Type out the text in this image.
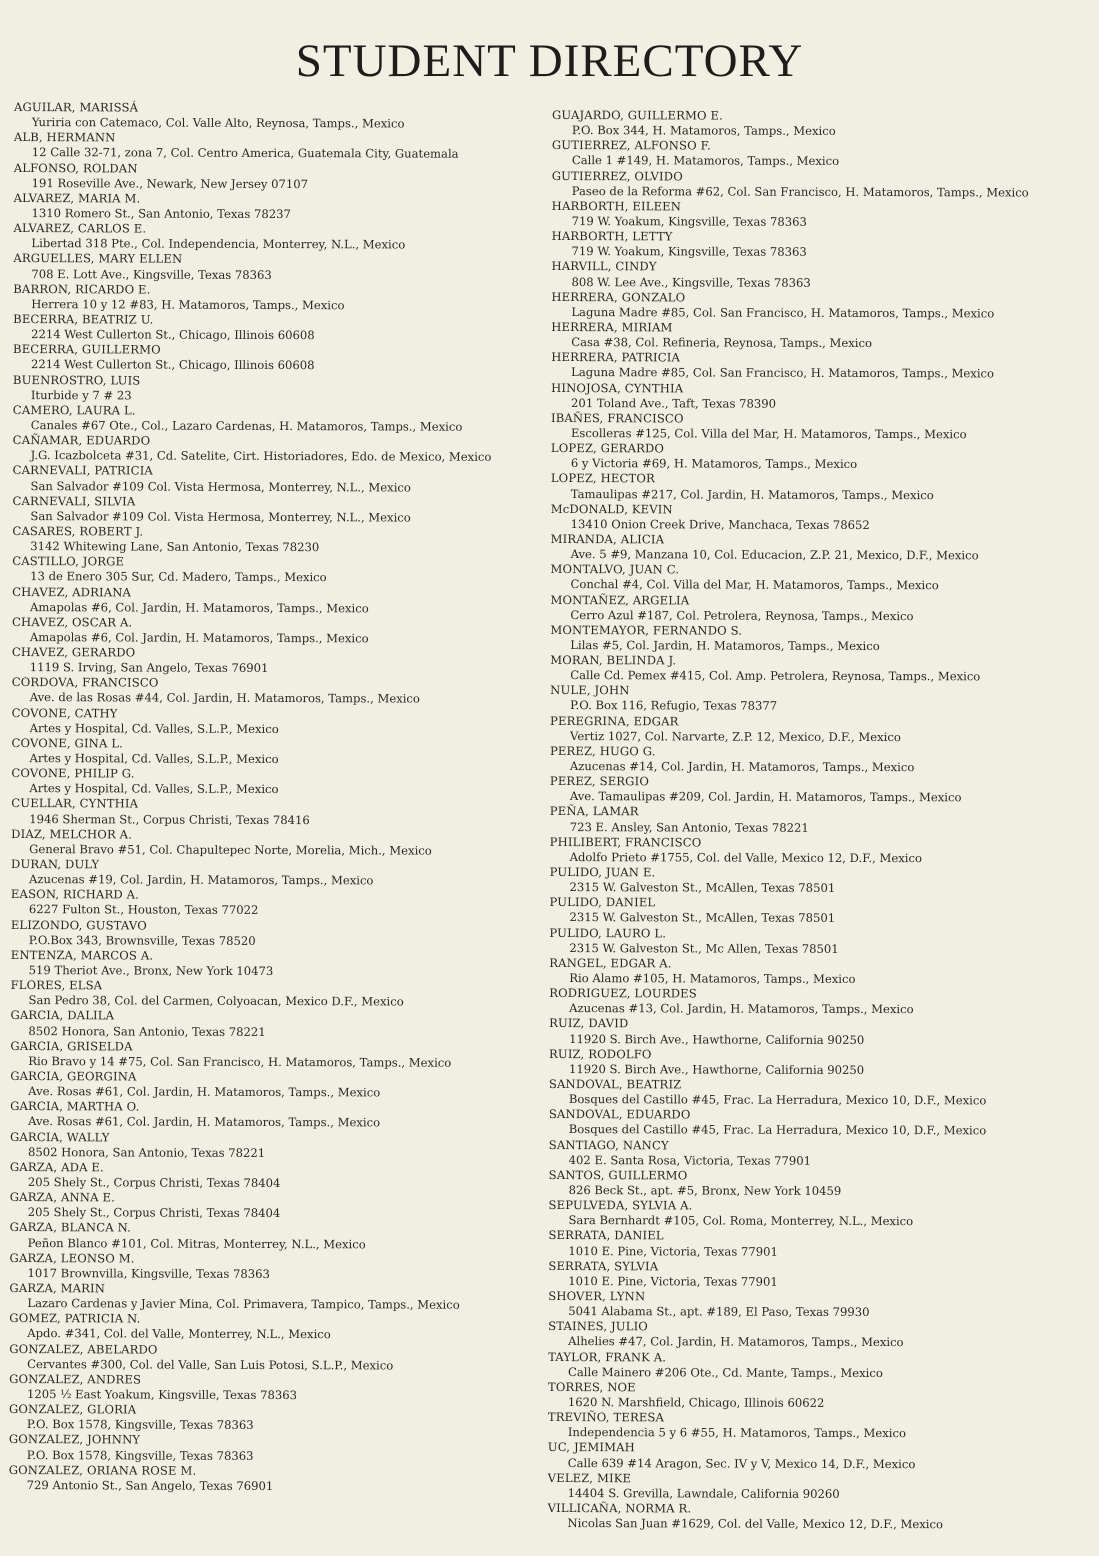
STUDENT DIRECTORY
AGUILAR, MARISSÁ
Yuriria con Catemaco, Col. Valle Alto, Reynosa, Tamps., Mexico
ALB, HERMANN
12 Calle 32-71, zona 7, Col. Centro America, Guatemala City, Guatemala
ALFONSO, ROLDAN
191 Roseville Ave., Newark, New Jersey 07107
ALVAREZ, MARIA M.
1310 Romero St., San Antonio, Texas 78237
ALVAREZ, CARLOS E.
Libertad 318 Pte., Col. Independencia, Monterrey, N.L., Mexico
ARGUELLES, MARY ELLEN
708 E. Lott Ave., Kingsville, Texas 78363
BARRON, RICARDO E.
Herrera 10 y 12 #83, H. Matamoros, Tamps., Mexico
BECERRA, BEATRIZ U.
2214 West Cullerton St., Chicago, Illinois 60608
BECERRA, GUILLERMO
2214 West Cullerton St., Chicago, Illinois 60608
BUENROSTRO, LUIS
Iturbide y 7 # 23
CAMERO, LAURA L.
Canales #67 Ote., Col., Lazaro Cardenas, H. Matamoros, Tamps., Mexico
CAÑAMAR, EDUARDO
J.G. Icazbolceta #31, Cd. Satelite, Cirt. Historiadores, Edo. de Mexico, Mexico
CARNEVALI, PATRICIA
San Salvador #109 Col. Vista Hermosa, Monterrey, N.L., Mexico
CARNEVALI, SILVIA
San Salvador #109 Col. Vista Hermosa, Monterrey, N.L., Mexico
CASARES, ROBERT J.
3142 Whitewing Lane, San Antonio, Texas 78230
CASTILLO, JORGE
13 de Enero 305 Sur, Cd. Madero, Tamps., Mexico
CHAVEZ, ADRIANA
Amapolas #6, Col. Jardin, H. Matamoros, Tamps., Mexico
CHAVEZ, OSCAR A.
Amapolas #6, Col. Jardin, H. Matamoros, Tamps., Mexico
CHAVEZ, GERARDO
1119 S. Irving, San Angelo, Texas 76901
CORDOVA, FRANCISCO
Ave. de las Rosas #44, Col. Jardin, H. Matamoros, Tamps., Mexico
COVONE, CATHY
Artes y Hospital, Cd. Valles, S.L.P., Mexico
COVONE, GINA L.
Artes y Hospital, Cd. Valles, S.L.P., Mexico
COVONE, PHILIP G.
Artes y Hospital, Cd. Valles, S.L.P., Mexico
CUELLAR, CYNTHIA
1946 Sherman St., Corpus Christi, Texas 78416
DIAZ, MELCHOR A.
General Bravo #51, Col. Chapultepec Norte, Morelia, Mich., Mexico
DURAN, DULY
Azucenas #19, Col. Jardin, H. Matamoros, Tamps., Mexico
EASON, RICHARD A.
6227 Fulton St., Houston, Texas 77022
ELIZONDO, GUSTAVO
P.O.Box 343, Brownsville, Texas 78520
ENTENZA, MARCOS A.
519 Theriot Ave., Bronx, New York 10473
FLORES, ELSA
San Pedro 38, Col. del Carmen, Colyoacan, Mexico D.F., Mexico
GARCIA, DALILA
8502 Honora, San Antonio, Texas 78221
GARCIA, GRISELDA
Rio Bravo y 14 #75, Col. San Francisco, H. Matamoros, Tamps., Mexico
GARCIA, GEORGINA
Ave. Rosas #61, Col. Jardin, H. Matamoros, Tamps., Mexico
GARCIA, MARTHA O.
Ave. Rosas #61, Col. Jardin, H. Matamoros, Tamps., Mexico
GARCIA, WALLY
8502 Honora, San Antonio, Texas 78221
GARZA, ADA E.
205 Shely St., Corpus Christi, Texas 78404
GARZA, ANNA E.
205 Shely St., Corpus Christi, Texas 78404
GARZA, BLANCA N.
Peñon Blanco #101, Col. Mitras, Monterrey, N.L., Mexico
GARZA, LEONSO M.
1017 Brownvilla, Kingsville, Texas 78363
GARZA, MARIN
Lazaro Cardenas y Javier Mina, Col. Primavera, Tampico, Tamps., Mexico
GOMEZ, PATRICIA N.
Apdo. #341, Col. del Valle, Monterrey, N.L., Mexico
GONZALEZ, ABELARDO
Cervantes #300, Col. del Valle, San Luis Potosi, S.L.P., Mexico
GONZALEZ, ANDRES
1205 ½ East Yoakum, Kingsville, Texas 78363
GONZALEZ, GLORIA
P.O. Box 1578, Kingsville, Texas 78363
GONZALEZ, JOHNNY
P.O. Box 1578, Kingsville, Texas 78363
GONZALEZ, ORIANA ROSE M.
729 Antonio St., San Angelo, Texas 76901
GUAJARDO, GUILLERMO E.
P.O. Box 344, H. Matamoros, Tamps., Mexico
GUTIERREZ, ALFONSO F.
Calle 1 #149, H. Matamoros, Tamps., Mexico
GUTIERREZ, OLVIDO
Paseo de la Reforma #62, Col. San Francisco, H. Matamoros, Tamps., Mexico
HARBORTH, EILEEN
719 W. Yoakum, Kingsville, Texas 78363
HARBORTH, LETTY
719 W. Yoakum, Kingsville, Texas 78363
HARVILL, CINDY
808 W. Lee Ave., Kingsville, Texas 78363
HERRERA, GONZALO
Laguna Madre #85, Col. San Francisco, H. Matamoros, Tamps., Mexico
HERRERA, MIRIAM
Casa #38, Col. Refineria, Reynosa, Tamps., Mexico
HERRERA, PATRICIA
Laguna Madre #85, Col. San Francisco, H. Matamoros, Tamps., Mexico
HINOJOSA, CYNTHIA
201 Toland Ave., Taft, Texas 78390
IBAÑES, FRANCISCO
Escolleras #125, Col. Villa del Mar, H. Matamoros, Tamps., Mexico
LOPEZ, GERARDO
6 y Victoria #69, H. Matamoros, Tamps., Mexico
LOPEZ, HECTOR
Tamaulipas #217, Col. Jardin, H. Matamoros, Tamps., Mexico
McDONALD, KEVIN
13410 Onion Creek Drive, Manchaca, Texas 78652
MIRANDA, ALICIA
Ave. 5 #9, Manzana 10, Col. Educacion, Z.P. 21, Mexico, D.F., Mexico
MONTALVO, JUAN C.
Conchal #4, Col. Villa del Mar, H. Matamoros, Tamps., Mexico
MONTAÑEZ, ARGELIA
Cerro Azul #187, Col. Petrolera, Reynosa, Tamps., Mexico
MONTEMAYOR, FERNANDO S.
Lilas #5, Col. Jardin, H. Matamoros, Tamps., Mexico
MORAN, BELINDA J.
Calle Cd. Pemex #415, Col. Amp. Petrolera, Reynosa, Tamps., Mexico
NULE, JOHN
P.O. Box 116, Refugio, Texas 78377
PEREGRINA, EDGAR
Vertiz 1027, Col. Narvarte, Z.P. 12, Mexico, D.F., Mexico
PEREZ, HUGO G.
Azucenas #14, Col. Jardin, H. Matamoros, Tamps., Mexico
PEREZ, SERGIO
Ave. Tamaulipas #209, Col. Jardin, H. Matamoros, Tamps., Mexico
PEÑA, LAMAR
723 E. Ansley, San Antonio, Texas 78221
PHILIBERT, FRANCISCO
Adolfo Prieto #1755, Col. del Valle, Mexico 12, D.F., Mexico
PULIDO, JUAN E.
2315 W. Galveston St., McAllen, Texas 78501
PULIDO, DANIEL
2315 W. Galveston St., McAllen, Texas 78501
PULIDO, LAURO L.
2315 W. Galveston St., Mc Allen, Texas 78501
RANGEL, EDGAR A.
Rio Alamo #105, H. Matamoros, Tamps., Mexico
RODRIGUEZ, LOURDES
Azucenas #13, Col. Jardin, H. Matamoros, Tamps., Mexico
RUIZ, DAVID
11920 S. Birch Ave., Hawthorne, California 90250
RUIZ, RODOLFO
11920 S. Birch Ave., Hawthorne, California 90250
SANDOVAL, BEATRIZ
Bosques del Castillo #45, Frac. La Herradura, Mexico 10, D.F., Mexico
SANDOVAL, EDUARDO
Bosques del Castillo #45, Frac. La Herradura, Mexico 10, D.F., Mexico
SANTIAGO, NANCY
402 E. Santa Rosa, Victoria, Texas 77901
SANTOS, GUILLERMO
826 Beck St., apt. #5, Bronx, New York 10459
SEPULVEDA, SYLVIA A.
Sara Bernhardt #105, Col. Roma, Monterrey, N.L., Mexico
SERRATA, DANIEL
1010 E. Pine, Victoria, Texas 77901
SERRATA, SYLVIA
1010 E. Pine, Victoria, Texas 77901
SHOVER, LYNN
5041 Alabama St., apt. #189, El Paso, Texas 79930
STAINES, JULIO
Alhelies #47, Col. Jardin, H. Matamoros, Tamps., Mexico
TAYLOR, FRANK A.
Calle Mainero #206 Ote., Cd. Mante, Tamps., Mexico
TORRES, NOE
1620 N. Marshfield, Chicago, Illinois 60622
TREVIÑO, TERESA
Independencia 5 y 6 #55, H. Matamoros, Tamps., Mexico
UC, JEMIMAH
Calle 639 #14 Aragon, Sec. IV y V, Mexico 14, D.F., Mexico
VELEZ, MIKE
14404 S. Grevilla, Lawndale, California 90260
VILLICAÑA, NORMA R.
Nicolas San Juan #1629, Col. del Valle, Mexico 12, D.F., Mexico
